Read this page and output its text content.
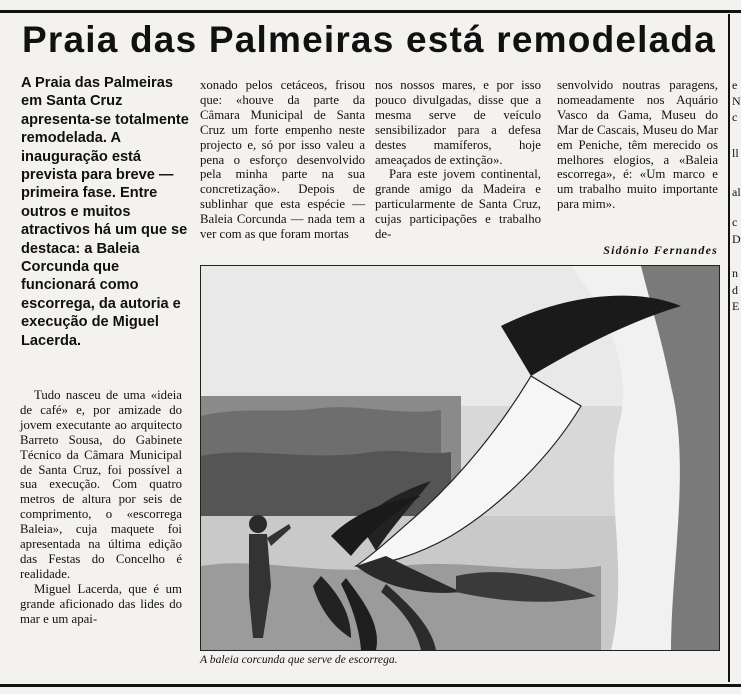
Praia das Palmeiras está remodelada

A Praia das Palmeiras em Santa Cruz apresenta-se totalmente remodelada. A inauguração está prevista para breve — primeira fase. Entre outros e muitos atractivos há um que se destaca: a Baleia Corcunda que funcionará como escorrega, da autoria e execução de Miguel Lacerda.

Tudo nasceu de uma «ideia de café» e, por amizade do jovem executante ao arquitecto Barreto Sousa, do Gabinete Técnico da Câmara Municipal de Santa Cruz, foi possível a sua execução. Com quatro metros de altura por seis de comprimento, o «escorrega Baleia», cuja maquete foi apresentada na última edição das Festas do Concelho é realidade.

Miguel Lacerda, que é um grande aficionado das lides do mar e um apai-

xonado pelos cetáceos, frisou que: «houve da parte da Câmara Municipal de Santa Cruz um forte empenho neste projecto e, só por isso valeu a pena o esforço desenvolvido pela minha parte na sua concretização». Depois de sublinhar que esta espécie — Baleia Corcunda — nada tem a ver com as que foram mortas

nos nossos mares, e por isso pouco divulgadas, disse que a mesma serve de veículo sensibilizador para a defesa destes mamíferos, hoje ameaçados de extinção».

Para este jovem continental, grande amigo da Madeira e particularmente de Santa Cruz, cujas participações e trabalho de-

senvolvido noutras paragens, nomeadamente nos Aquário Vasco da Gama, Museu do Mar de Cascais, Museu do Mar em Peniche, têm merecido os melhores elogios, a «Baleia escorrega», é: «Um marco e um trabalho muito importante para mim».

Sidónio Fernandes
A baleia corcunda que serve de escorrega.
e
N
c
ll
al
c
D
n
d
E
